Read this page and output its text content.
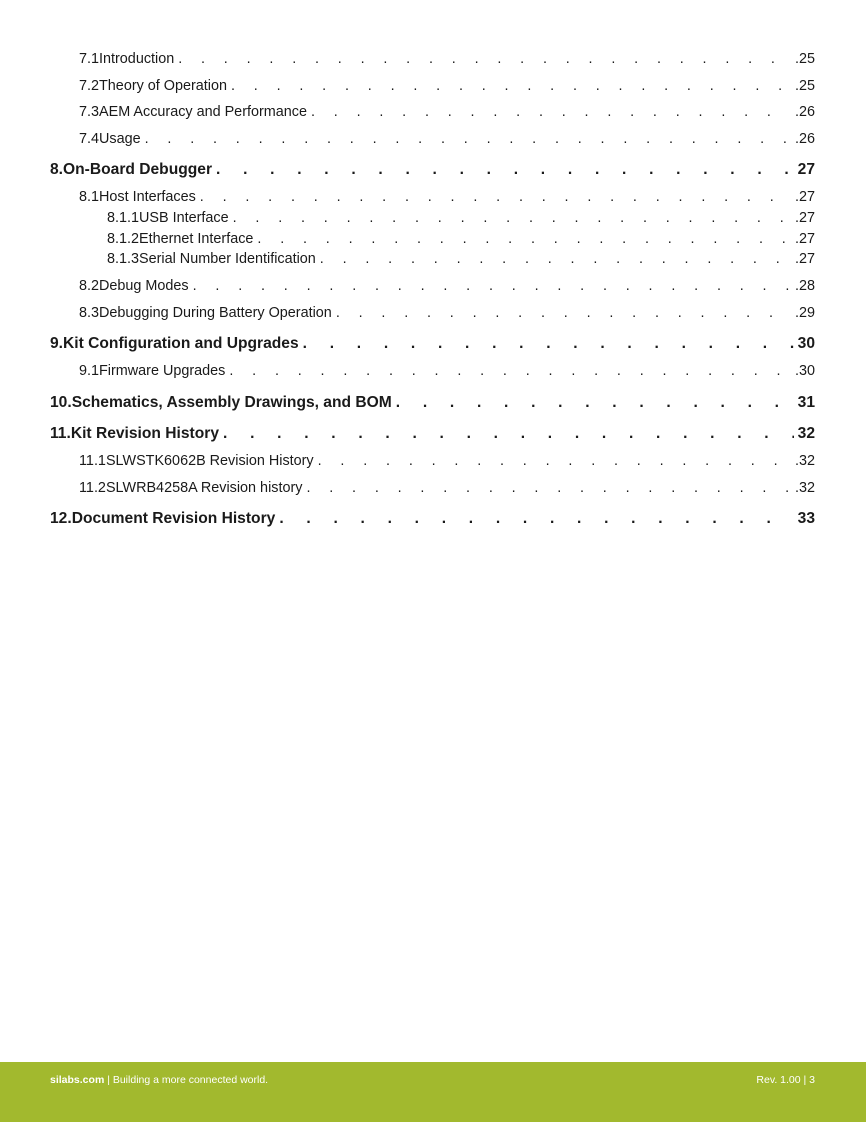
7.1 Introduction . . .	.25
7.2 Theory of Operation . . .	.25
7.3 AEM Accuracy and Performance . . .	.26
7.4 Usage . . .	.26
8. On-Board Debugger . . .	27
8.1 Host Interfaces . . .	.27
8.1.1 USB Interface . . .	.27
8.1.2 Ethernet Interface . . .	.27
8.1.3 Serial Number Identification . . .	.27
8.2 Debug Modes . . .	.28
8.3 Debugging During Battery Operation . . .	.29
9. Kit Configuration and Upgrades . . .	30
9.1 Firmware Upgrades . . .	.30
10. Schematics, Assembly Drawings, and BOM . . .	31
11. Kit Revision History . . .	32
11.1 SLWSTK6062B Revision History . . .	.32
11.2 SLWRB4258A Revision history . . .	.32
12. Document Revision History . . .	33
silabs.com | Building a more connected world.	Rev. 1.00 | 3
